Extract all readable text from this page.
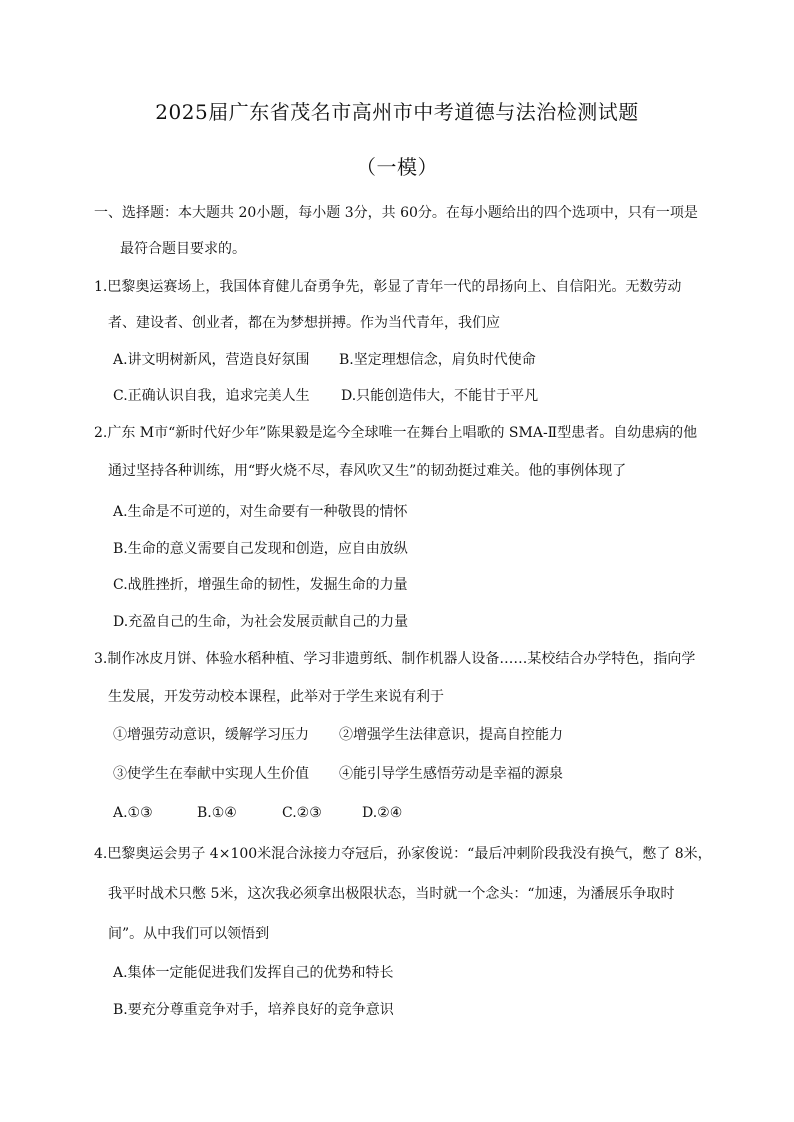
2025届广东省茂名市高州市中考道德与法治检测试题
（一模）
一、选择题：本大题共 20小题，每小题 3分，共 60分。在每小题给出的四个选项中，只有一项是
最符合题目要求的。
1.巴黎奥运赛场上，我国体育健儿奋勇争先，彰显了青年一代的昂扬向上、自信阳光。无数劳动
者、建设者、创业者，都在为梦想拼搏。作为当代青年，我们应
A.讲文明树新风，营造良好氛围 B.坚定理想信念，肩负时代使命
C.正确认识自我，追求完美人生 D.只能创造伟大，不能甘于平凡
2.广东 M市“新时代好少年”陈果毅是迄今全球唯一在舞台上唱歌的 SMA-Ⅱ型患者。自幼患病的他
通过坚持各种训练，用“野火烧不尽，春风吹又生”的韧劲挺过难关。他的事例体现了
A.生命是不可逆的，对生命要有一种敬畏的情怀
B.生命的意义需要自己发现和创造，应自由放纵
C.战胜挫折，增强生命的韧性，发掘生命的力量
D.充盈自己的生命，为社会发展贡献自己的力量
3.制作冰皮月饼、体验水稻种植、学习非遗剪纸、制作机器人设备……某校结合办学特色，指向学
生发展，开发劳动校本课程，此举对于学生来说有利于
①增强劳动意识，缓解学习压力 ②增强学生法律意识，提高自控能力
③使学生在奉献中实现人生价值 ④能引导学生感悟劳动是幸福的源泉
A.①③	B.①④	C.②③	D.②④
4.巴黎奥运会男子 4×100米混合泳接力夺冠后，孙家俊说：“最后冲刺阶段我没有换气，憋了 8米，
我平时战术只憋 5米，这次我必须拿出极限状态，当时就一个念头：“加速，为潘展乐争取时
间”。从中我们可以领悟到
A.集体一定能促进我们发挥自己的优势和特长
B.要充分尊重竞争对手，培养良好的竞争意识
